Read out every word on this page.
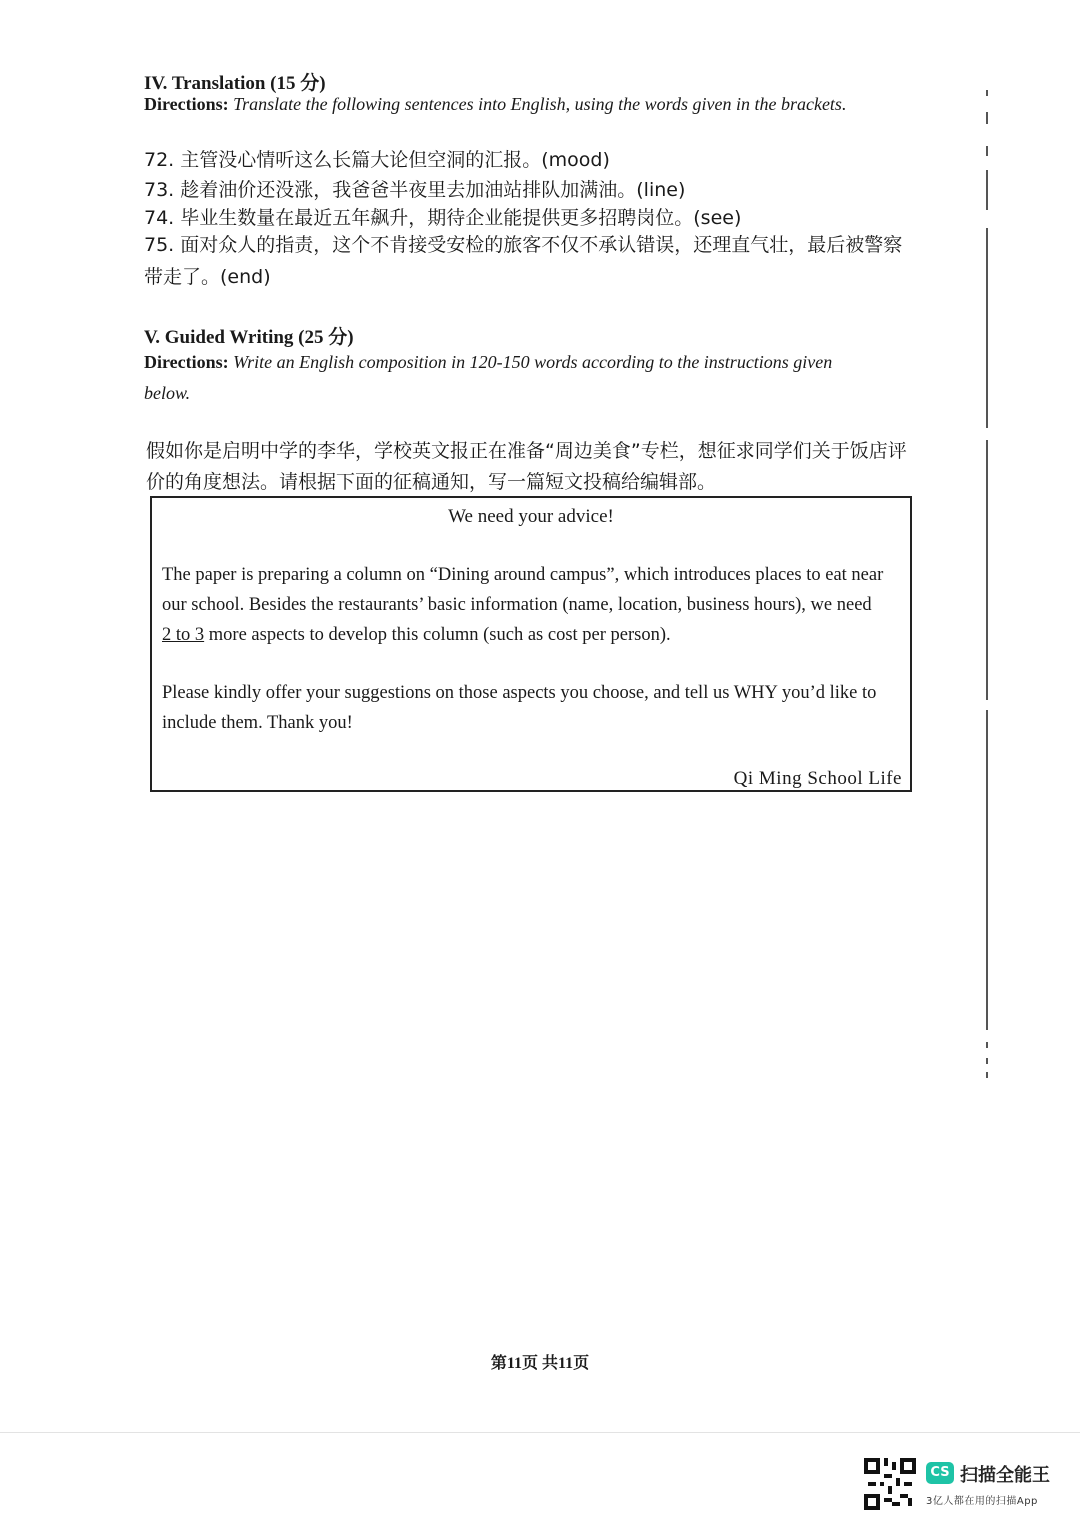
IV. Translation (15 分)
Directions: Translate the following sentences into English, using the words given in the brackets.
72. 主管没心情听这么长篇大论但空洞的汇报。(mood)
73. 趁着油价还没涨，我爸爸半夜里去加油站排队加满油。(line)
74. 毕业生数量在最近五年飙升，期待企业能提供更多招聘岗位。(see)
75. 面对众人的指责，这个不肯接受安检的旅客不仅不承认错误，还理直气壮，最后被警察
带走了。(end)
V. Guided Writing (25 分)
Directions: Write an English composition in 120-150 words according to the instructions given
below.
假如你是启明中学的李华，学校英文报正在准备“周边美食”专栏，想征求同学们关于饭店评
价的角度想法。请根据下面的征稿通知，写一篇短文投稿给编辑部。
We need your advice!
The paper is preparing a column on “Dining around campus”, which introduces places to eat near
our school. Besides the restaurants’ basic information (name, location, business hours), we need
2 to 3 more aspects to develop this column (such as cost per person).
Please kindly offer your suggestions on those aspects you choose, and tell us WHY you’d like to
include them. Thank you!
Qi Ming School Life
第11页 共11页
CS 扫描全能王
3亿人都在用的扫描App
